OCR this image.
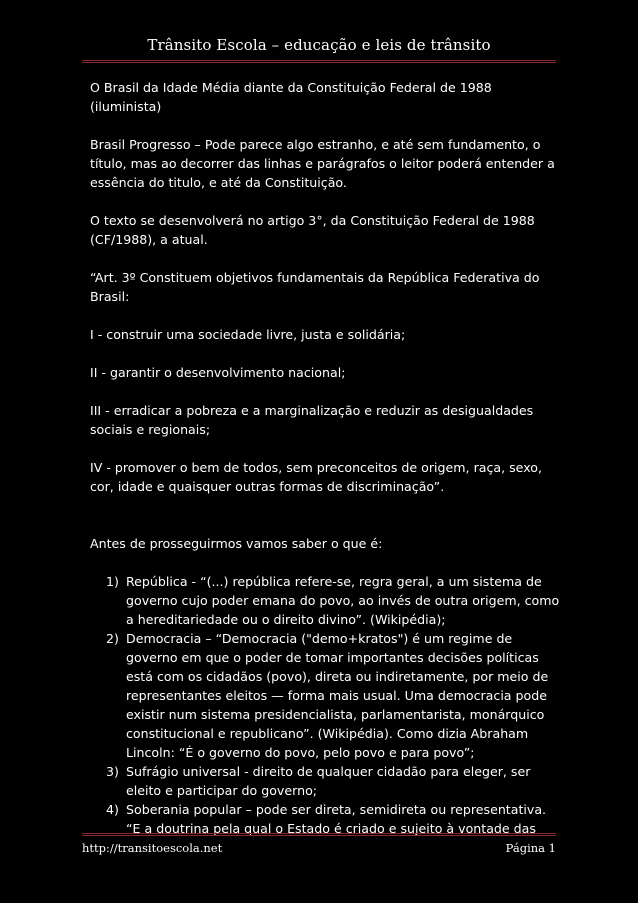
Trânsito Escola – educação e leis de trânsito

O Brasil da Idade Média diante da Constituição Federal de 1988 (iluminista)

Brasil Progresso – Pode parece algo estranho, e até sem fundamento, o título, mas ao decorrer das linhas e parágrafos o leitor poderá entender a essência do titulo, e até da Constituição.

O texto se desenvolverá no artigo 3°, da Constituição Federal de 1988 (CF/1988), a atual.

“Art. 3º Constituem objetivos fundamentais da República Federativa do Brasil:

I - construir uma sociedade livre, justa e solidária;

II - garantir o desenvolvimento nacional;

III - erradicar a pobreza e a marginalização e reduzir as desigualdades sociais e regionais;

IV - promover o bem de todos, sem preconceitos de origem, raça, sexo, cor, idade e quaisquer outras formas de discriminação”.

Antes de prosseguirmos vamos saber o que é:

1) República - “(...) república refere-se, regra geral, a um sistema de governo cujo poder emana do povo, ao invés de outra origem, como a hereditariedade ou o direito divino”. (Wikipédia);
2) Democracia – “Democracia ("demo+kratos") é um regime de governo em que o poder de tomar importantes decisões políticas está com os cidadãos (povo), direta ou indiretamente, por meio de representantes eleitos — forma mais usual. Uma democracia pode existir num sistema presidencialista, parlamentarista, monárquico constitucional e republicano”. (Wikipédia). Como dizia Abraham Lincoln: “É o governo do povo, pelo povo e para povo”;
3) Sufrágio universal - direito de qualquer cidadão para eleger, ser eleito e participar do governo;
4) Soberania popular – pode ser direta, semidireta ou representativa. “E a doutrina pela qual o Estado é criado e sujeito à vontade das
http://transitoescola.net	Página 1
